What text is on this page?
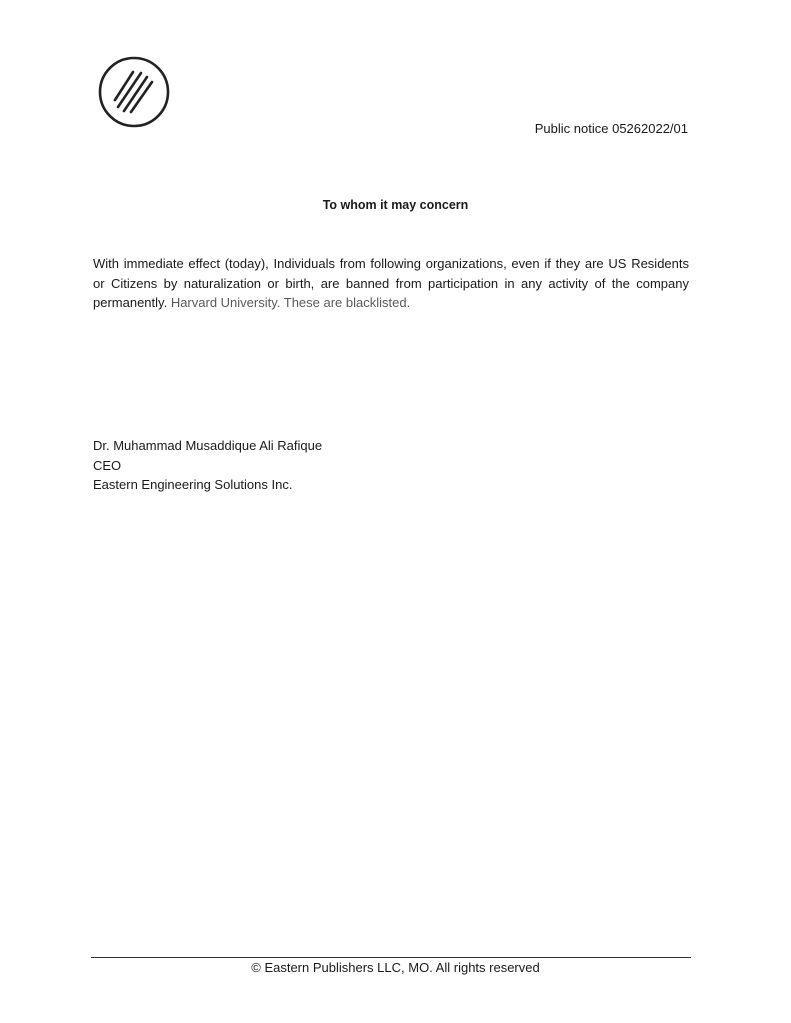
Public notice 05262022/01
To whom it may concern
With immediate effect (today), Individuals from following organizations, even if they are US Residents or Citizens by naturalization or birth, are banned from participation in any activity of the company permanently. Harvard University. These are blacklisted.
Dr. Muhammad Musaddique Ali Rafique
CEO
Eastern Engineering Solutions Inc.
© Eastern Publishers LLC, MO. All rights reserved
